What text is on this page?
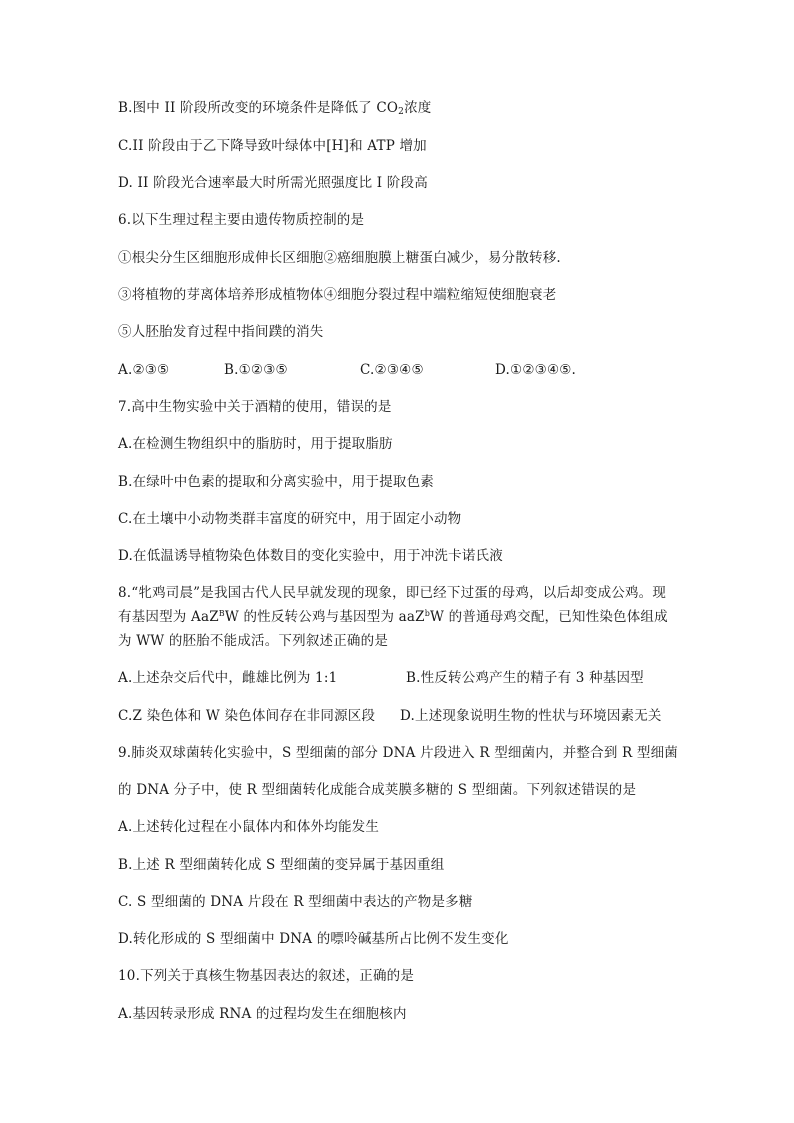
B.图中 II 阶段所改变的环境条件是降低了 $CO_2$浓度
C.II 阶段由于乙下降导致叶绿体中[H]和 ATP 增加
D. II 阶段光合速率最大时所需光照强度比 I 阶段高
6.以下生理过程主要由遗传物质控制的是
①根尖分生区细胞形成伸长区细胞②癌细胞膜上糖蛋白减少，易分散转移.
③将植物的芽离体培养形成植物体④细胞分裂过程中端粒缩短使细胞衰老
⑤人胚胎发育过程中指间蹼的消失
A.②③⑤	B.①②③⑤	C.②③④⑤	D.①②③④⑤.
7.高中生物实验中关于酒精的使用，错误的是
A.在检测生物组织中的脂肪时，用于提取脂肪
B.在绿叶中色素的提取和分离实验中，用于提取色素
C.在土壤中小动物类群丰富度的研究中，用于固定小动物
D.在低温诱导植物染色体数目的变化实验中，用于冲洗卡诺氏液
8.“牝鸡司晨”是我国古代人民早就发现的现象，即已经下过蛋的母鸡，以后却变成公鸡。现
有基因型为 AaZ$^B$W 的性反转公鸡与基因型为 aaZ$^b$W 的普通母鸡交配，已知性染色体组成
为 WW 的胚胎不能成活。下列叙述正确的是
A.上述杂交后代中，雌雄比例为 1:1	B.性反转公鸡产生的精子有 3 种基因型
C.Z 染色体和 W 染色体间存在非同源区段 D.上述现象说明生物的性状与环境因素无关
9.肺炎双球菌转化实验中，S 型细菌的部分 DNA 片段进入 R 型细菌内，并整合到 R 型细菌
的 DNA 分子中，使 R 型细菌转化成能合成荚膜多糖的 S 型细菌。下列叙述错误的是
A.上述转化过程在小鼠体内和体外均能发生
B.上述 R 型细菌转化成 S 型细菌的变异属于基因重组
C. S 型细菌的 DNA 片段在 R 型细菌中表达的产物是多糖
D.转化形成的 S 型细菌中 DNA 的嘌呤碱基所占比例不发生变化
10.下列关于真核生物基因表达的叙述，正确的是
A.基因转录形成 RNA 的过程均发生在细胞核内
